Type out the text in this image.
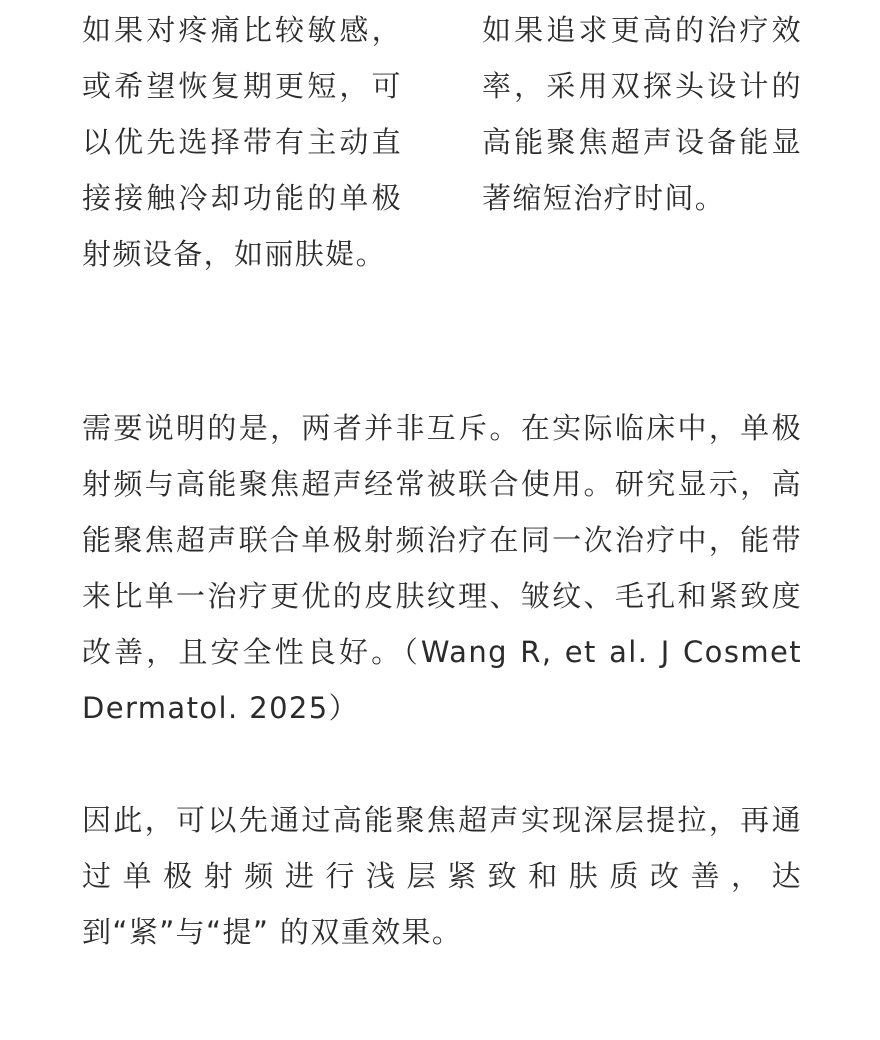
如果对疼痛比较敏感，或希望恢复期更短，可以优先选择带有主动直接接触冷却功能的单极射频设备，如丽肤媞。
如果追求更高的治疗效率，采用双探头设计的高能聚焦超声设备能显著缩短治疗时间。
需要说明的是，两者并非互斥。在实际临床中，单极射频与高能聚焦超声经常被联合使用。研究显示，高能聚焦超声联合单极射频治疗在同一次治疗中，能带来比单一治疗更优的皮肤纹理、皱纹、毛孔和紧致度改善，且安全性良好。（Wang R, et al. J Cosmet Dermatol. 2025）
因此，可以先通过高能聚焦超声实现深层提拉，再通过单极射频进行浅层紧致和肤质改善，达到“紧”与“提” 的双重效果。
